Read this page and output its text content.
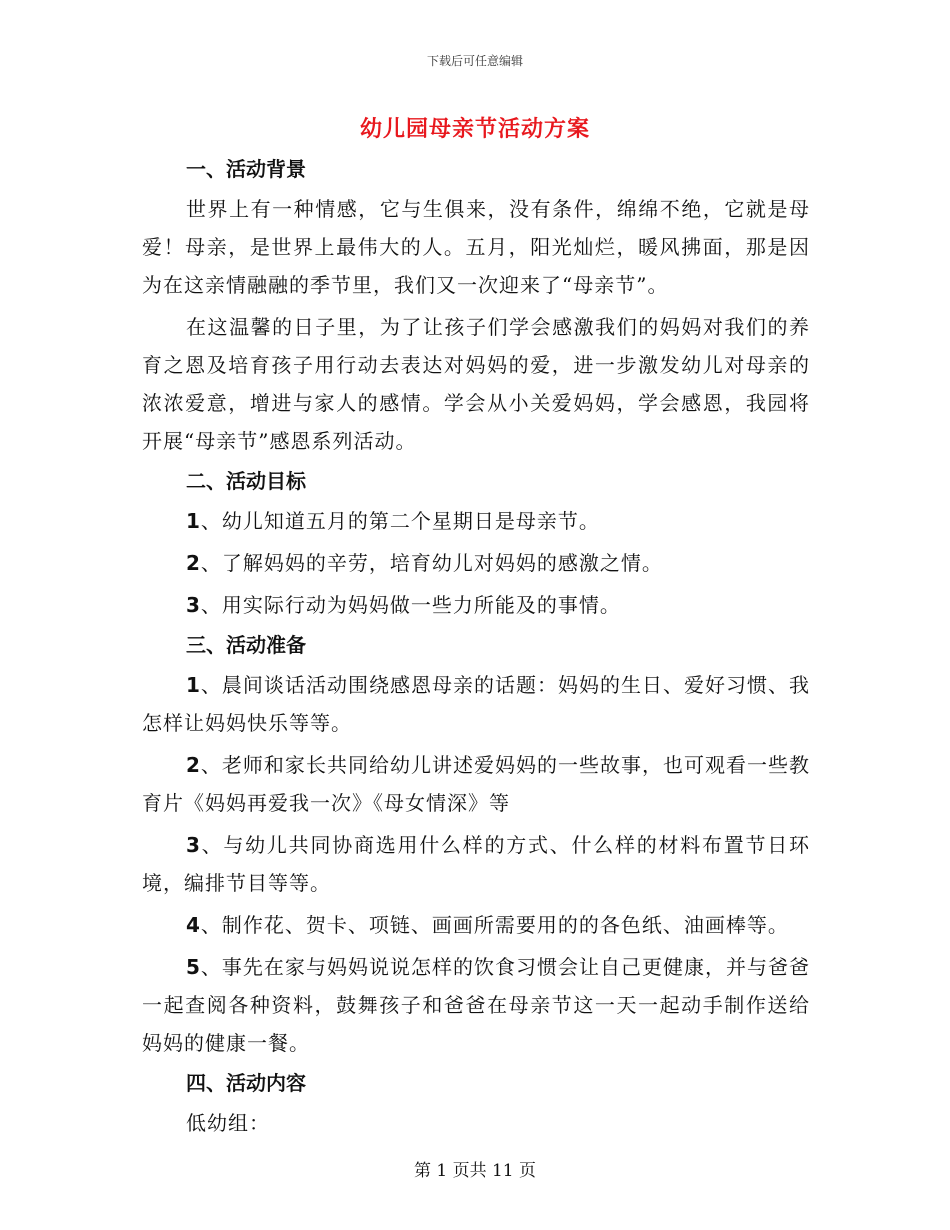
下载后可任意编辑
幼儿园母亲节活动方案
一、活动背景

世界上有一种情感，它与生俱来，没有条件，绵绵不绝，它就是母爱！母亲，是世界上最伟大的人。五月，阳光灿烂，暖风拂面，那是因为在这亲情融融的季节里，我们又一次迎来了“母亲节”。

在这温馨的日子里，为了让孩子们学会感激我们的妈妈对我们的养育之恩及培育孩子用行动去表达对妈妈的爱，进一步激发幼儿对母亲的浓浓爱意，增进与家人的感情。学会从小关爱妈妈，学会感恩，我园将开展“母亲节”感恩系列活动。

二、活动目标

1、幼儿知道五月的第二个星期日是母亲节。

2、了解妈妈的辛劳，培育幼儿对妈妈的感激之情。

3、用实际行动为妈妈做一些力所能及的事情。

三、活动准备

1、晨间谈话活动围绕感恩母亲的话题：妈妈的生日、爱好习惯、我怎样让妈妈快乐等等。

2、老师和家长共同给幼儿讲述爱妈妈的一些故事，也可观看一些教育片《妈妈再爱我一次》《母女情深》等

3、与幼儿共同协商选用什么样的方式、什么样的材料布置节日环境，编排节目等等。

4、制作花、贺卡、项链、画画所需要用的的各色纸、油画棒等。

5、事先在家与妈妈说说怎样的饮食习惯会让自己更健康，并与爸爸一起查阅各种资料，鼓舞孩子和爸爸在母亲节这一天一起动手制作送给妈妈的健康一餐。

四、活动内容

低幼组：

第 1 页共 11 页
